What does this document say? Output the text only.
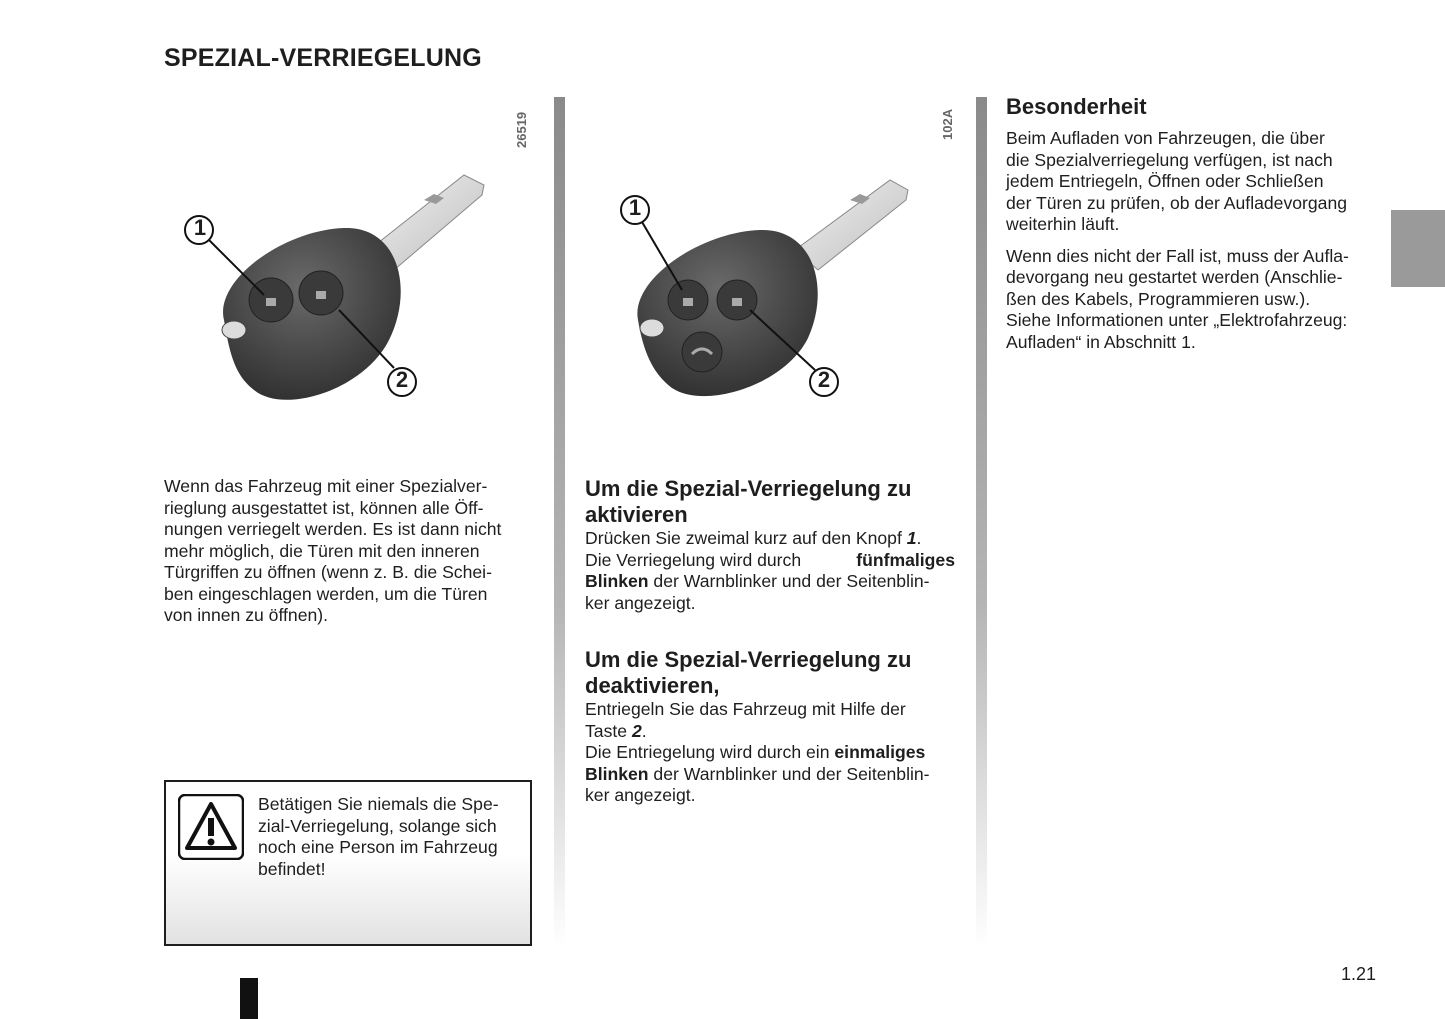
SPEZIAL-VERRIEGELUNG
26519
1
2
102A
1
2

Wenn das Fahrzeug mit einer Spezialver-

rieglung ausgestattet ist, können alle Öff-

nungen verriegelt werden. Es ist dann nicht

mehr möglich, die Türen mit den inneren

Türgriffen zu öffnen (wenn z. B. die Schei-

ben eingeschlagen werden, um die Türen

von innen zu öffnen).

Betätigen Sie niemals die Spe-
zial-Verriegelung, solange sich
noch eine Person im Fahrzeug
befindet!

Um die Spezial-Verriegelung zu

aktivieren

Drücken Sie zweimal kurz auf den Knopf 1.

Die Verriegelung wird durch	fünfmaliges

Blinken der Warnblinker und der Seitenblin-

ker angezeigt.

Um die Spezial-Verriegelung zu

deaktivieren,

Entriegeln Sie das Fahrzeug mit Hilfe der

Taste 2.

Die Entriegelung wird durch ein einmaliges

Blinken der Warnblinker und der Seitenblin-

ker angezeigt.

Besonderheit

Beim Aufladen von Fahrzeugen, die über

die Spezialverriegelung verfügen, ist nach

jedem Entriegeln, Öffnen oder Schließen

der Türen zu prüfen, ob der Aufladevorgang

weiterhin läuft.

Wenn dies nicht der Fall ist, muss der Aufla-

devorgang neu gestartet werden (Anschlie-

ßen des Kabels, Programmieren usw.).

Siehe Informationen unter „Elektrofahrzeug:

Aufladen“ in Abschnitt 1.

1.21
